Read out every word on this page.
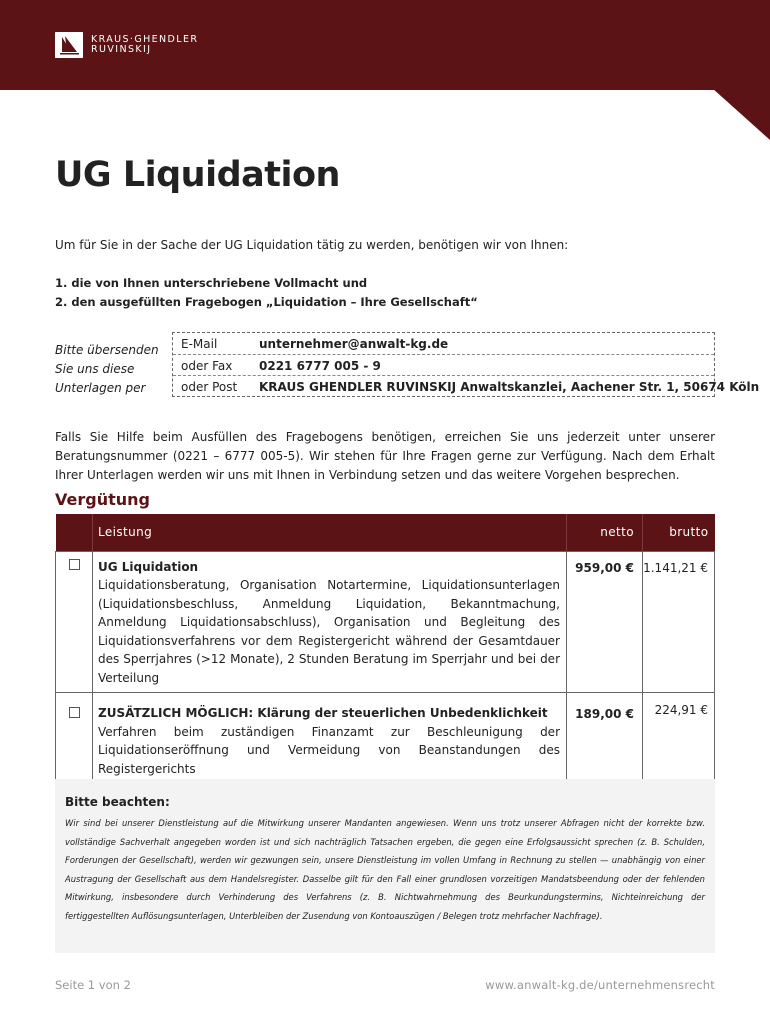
KRAUS·GHENDLER
RUVINSKIJ
UG Liquidation

Um für Sie in der Sache der UG Liquidation tätig zu werden, benötigen wir von Ihnen:

1. die von Ihnen unterschriebene Vollmacht und

2. den ausgefüllten Fragebogen „Liquidation – Ihre Gesellschaft“

Bitte übersenden
Sie uns diese
Unterlagen per
E-Mail	unternehmer@anwalt-kg.de
oder Fax 0221 6777 005 - 9
oder Post KRAUS GHENDLER RUVINSKIJ Anwaltskanzlei, Aachener Str. 1, 50674 Köln

Falls Sie Hilfe beim Ausfüllen des Fragebogens benötigen, erreichen Sie uns jederzeit unter unserer Beratungsnummer (0221 – 6777 005-5). Wir stehen für Ihre Fragen gerne zur Verfügung. Nach dem Erhalt Ihrer Unterlagen werden wir uns mit Ihnen in Verbindung setzen und das weitere Vorgehen besprechen.

Vergütung
	Leistung	netto	brutto

	UG Liquidation
Liquidationsberatung, Organisation Notartermine, Liquidationsunterlagen (Liquidationsbeschluss, Anmeldung Liquidation, Bekanntmachung, Anmeldung Liquidationsabschluss), Organisation und Begleitung des Liquidationsverfahrens vor dem Registergericht während der Gesamtdauer des Sperrjahres (>12 Monate), 2 Stunden Beratung im Sperrjahr und bei der Verteilung	959,00 €	1.141,21 €

	ZUSÄTZLICH MÖGLICH: Klärung der steuerlichen Unbedenklichkeit
Verfahren beim zuständigen Finanzamt zur Beschleunigung der Liquidationseröffnung und Vermeidung von Beanstandungen des Registergerichts	189,00 €	224,91 €
Bitte beachten:
Wir sind bei unserer Dienstleistung auf die Mitwirkung unserer Mandanten angewiesen. Wenn uns trotz unserer Abfragen nicht der korrekte bzw. vollständige Sachverhalt angegeben worden ist und sich nachträglich Tatsachen ergeben, die gegen eine Erfolgsaussicht sprechen (z. B. Schulden, Forderungen der Gesellschaft), werden wir gezwungen sein, unsere Dienstleistung im vollen Umfang in Rechnung zu stellen — unabhängig von einer Austragung der Gesellschaft aus dem Handelsregister. Dasselbe gilt für den Fall einer grundlosen vorzeitigen Mandatsbeendung oder der fehlenden Mitwirkung, insbesondere durch Verhinderung des Verfahrens (z. B. Nichtwahrnehmung des Beurkundungstermins, Nichteinreichung der fertiggestellten Auflösungsunterlagen, Unterbleiben der Zusendung von Kontoauszügen / Belegen trotz mehrfacher Nachfrage).
Seite 1 von 2	www.anwalt-kg.de/unternehmensrecht
